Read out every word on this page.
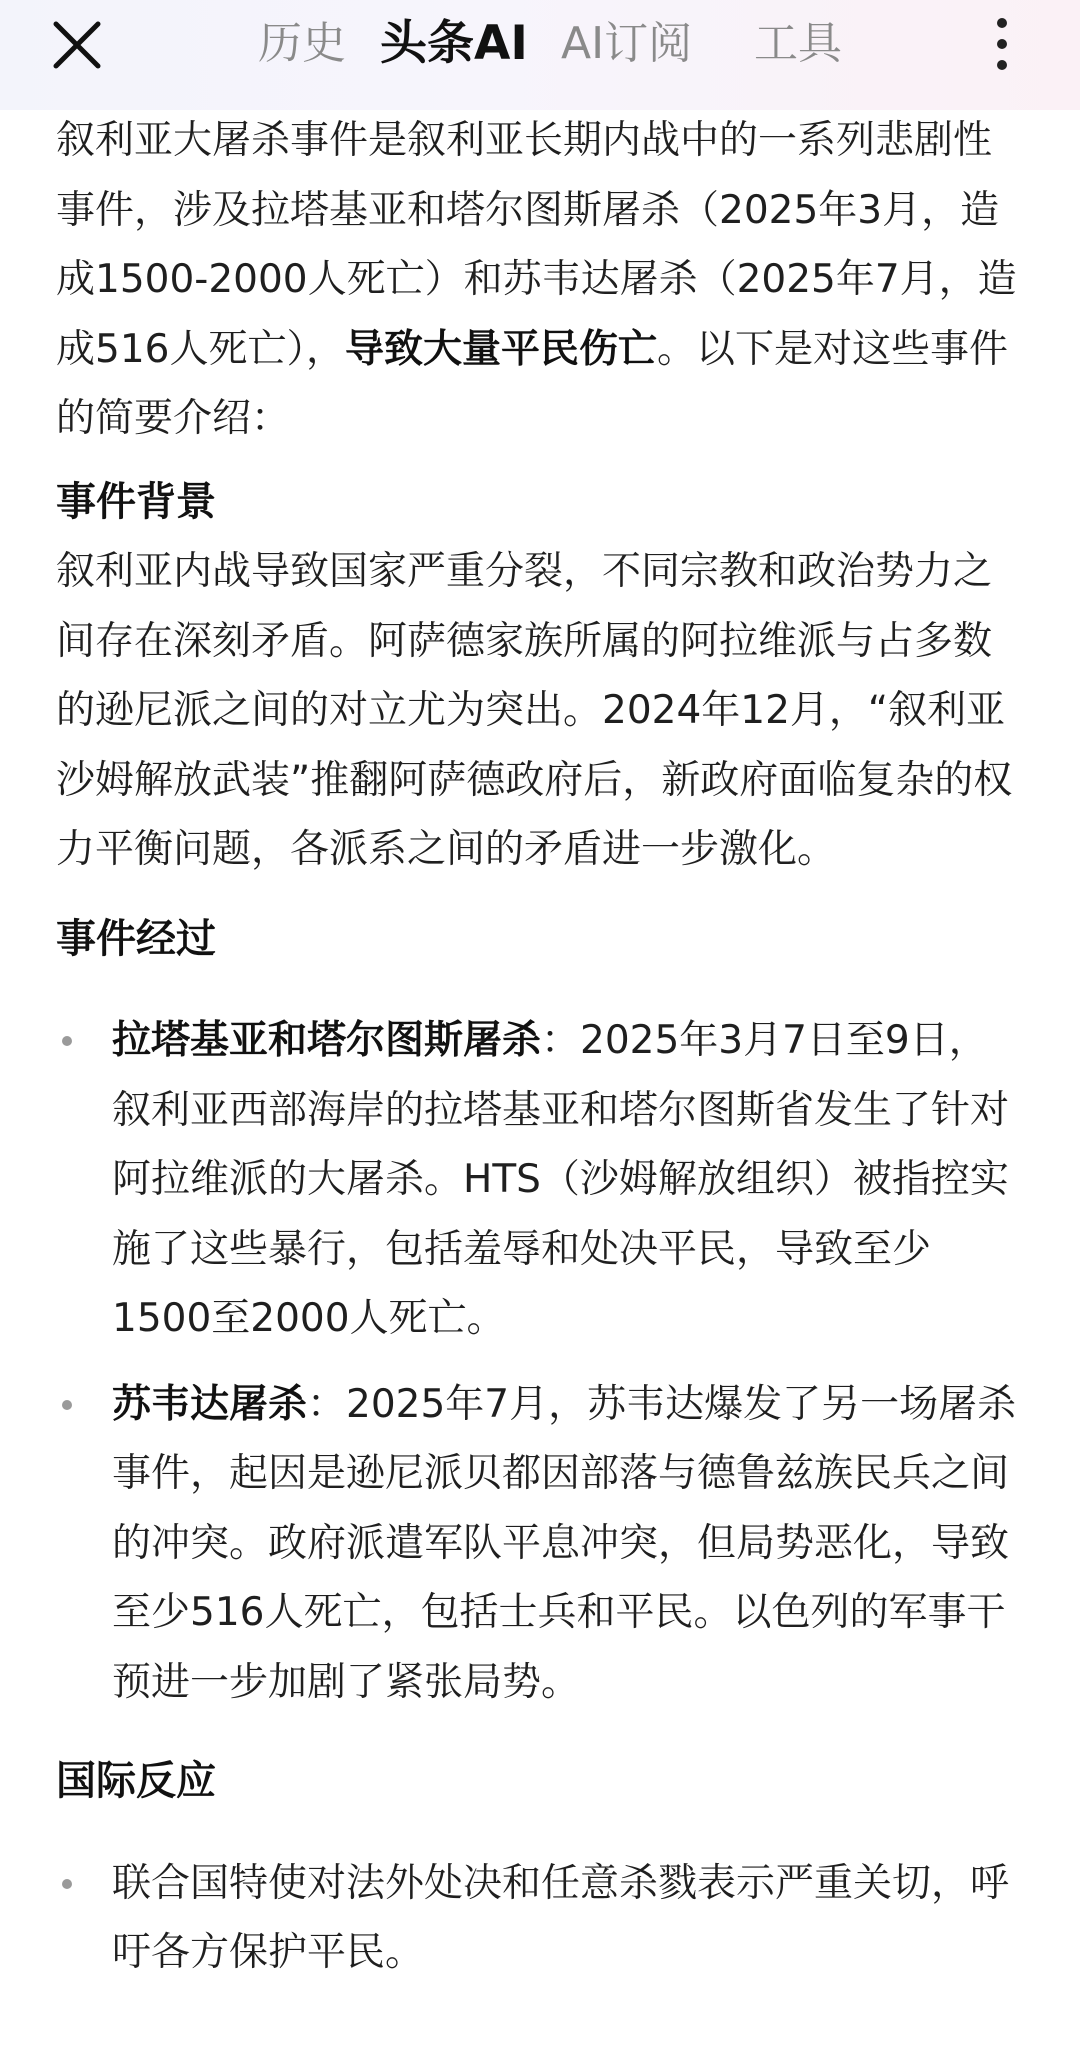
历史 头条AI AI订阅 工具

叙利亚大屠杀事件是叙利亚长期内战中的一系列悲剧性事件，涉及拉塔基亚和塔尔图斯屠杀（2025年3月，造成1500-2000人死亡）和苏韦达屠杀（2025年7月，造成516人死亡），导致大量平民伤亡。以下是对这些事件的简要介绍：

事件背景

叙利亚内战导致国家严重分裂，不同宗教和政治势力之间存在深刻矛盾。阿萨德家族所属的阿拉维派与占多数的逊尼派之间的对立尤为突出。2024年12月，“叙利亚沙姆解放武装”推翻阿萨德政府后，新政府面临复杂的权力平衡问题，各派系之间的矛盾进一步激化。

事件经过
拉塔基亚和塔尔图斯屠杀：2025年3月7日至9日，叙利亚西部海岸的拉塔基亚和塔尔图斯省发生了针对阿拉维派的大屠杀。HTS（沙姆解放组织）被指控实施了这些暴行，包括羞辱和处决平民，导致至少1500至2000人死亡。
苏韦达屠杀：2025年7月，苏韦达爆发了另一场屠杀事件，起因是逊尼派贝都因部落与德鲁兹族民兵之间的冲突。政府派遣军队平息冲突，但局势恶化，导致至少516人死亡，包括士兵和平民。以色列的军事干预进一步加剧了紧张局势。
国际反应
联合国特使对法外处决和任意杀戮表示严重关切，呼吁各方保护平民。
